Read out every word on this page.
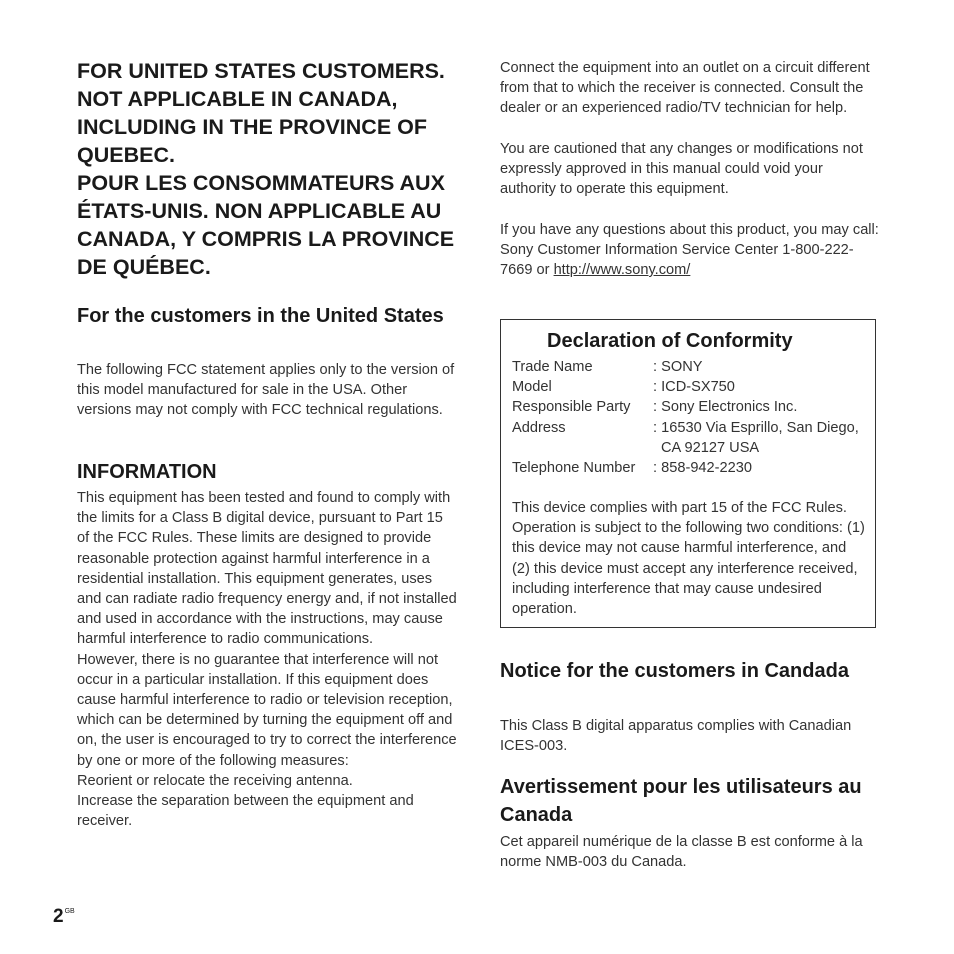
FOR UNITED STATES CUSTOMERS.
NOT APPLICABLE IN CANADA,
INCLUDING IN THE PROVINCE OF
QUEBEC.
POUR LES CONSOMMATEURS AUX
ÉTATS-UNIS. NON APPLICABLE AU
CANADA, Y COMPRIS LA PROVINCE
DE QUÉBEC.
For the customers in the United States

The following FCC statement applies only to the version of this model manufactured for sale in the USA. Other versions may not comply with FCC technical regulations.

INFORMATION

This equipment has been tested and found to comply with the limits for a Class B digital device, pursuant to Part 15 of the FCC Rules. These limits are designed to provide reasonable protection against harmful interference in a residential installation. This equipment generates, uses and can radiate radio frequency energy and, if not installed and used in accordance with the instructions, may cause harmful interference to radio communications.

However, there is no guarantee that interference will not occur in a particular installation. If this equipment does cause harmful interference to radio or television reception, which can be determined by turning the equipment off and on, the user is encouraged to try to correct the interference by one or more of the following measures:

Reorient or relocate the receiving antenna.

Increase the separation between the equipment and receiver.

Connect the equipment into an outlet on a circuit different from that to which the receiver is connected. Consult the dealer or an experienced radio/TV technician for help.

You are cautioned that any changes or modifications not expressly approved in this manual could void your authority to operate this equipment.

If you have any questions about this product, you may call: Sony Customer Information Service Center 1-800-222-7669 or http://www.sony.com/

Declaration of Conformity
Trade Name	: SONY
Model	: ICD-SX750
Responsible Party	: Sony Electronics Inc.
Address	: 16530 Via Esprillo, San Diego, CA 92127 USA
Telephone Number	: 858-942-2230
This device complies with part 15 of the FCC Rules. Operation is subject to the following two conditions: (1) this device may not cause harmful interference, and (2) this device must accept any interference received, including interference that may cause undesired operation.
Notice for the customers in Candada
This Class B digital apparatus complies with Canadian ICES-003.
Avertissement pour les utilisateurs au Canada
Cet appareil numérique de la classe B est conforme à la norme NMB-003 du Canada.
$2^{GB}$
